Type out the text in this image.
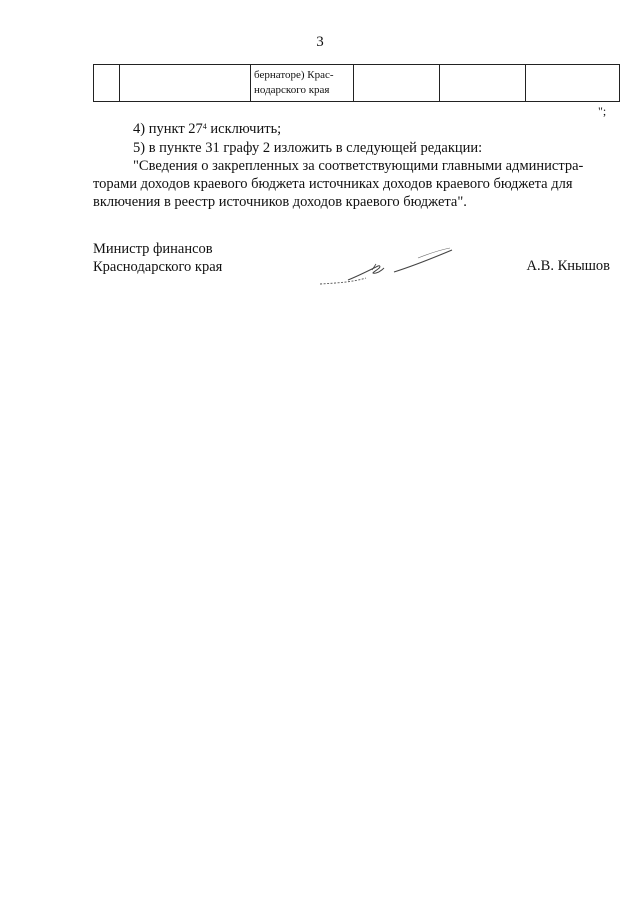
3

бернаторе) Крас-
нодарского края

";
4) пункт $27^4$ исключить;
5) в пункте 31 графу 2 изложить в следующей редакции:
"Сведения о закрепленных за соответствующими главными администра-
торами доходов краевого бюджета источниках доходов краевого бюджета для
включения в реестр источников доходов краевого бюджета".
Министр финансов
Краснодарского края	А.В. Кнышов
